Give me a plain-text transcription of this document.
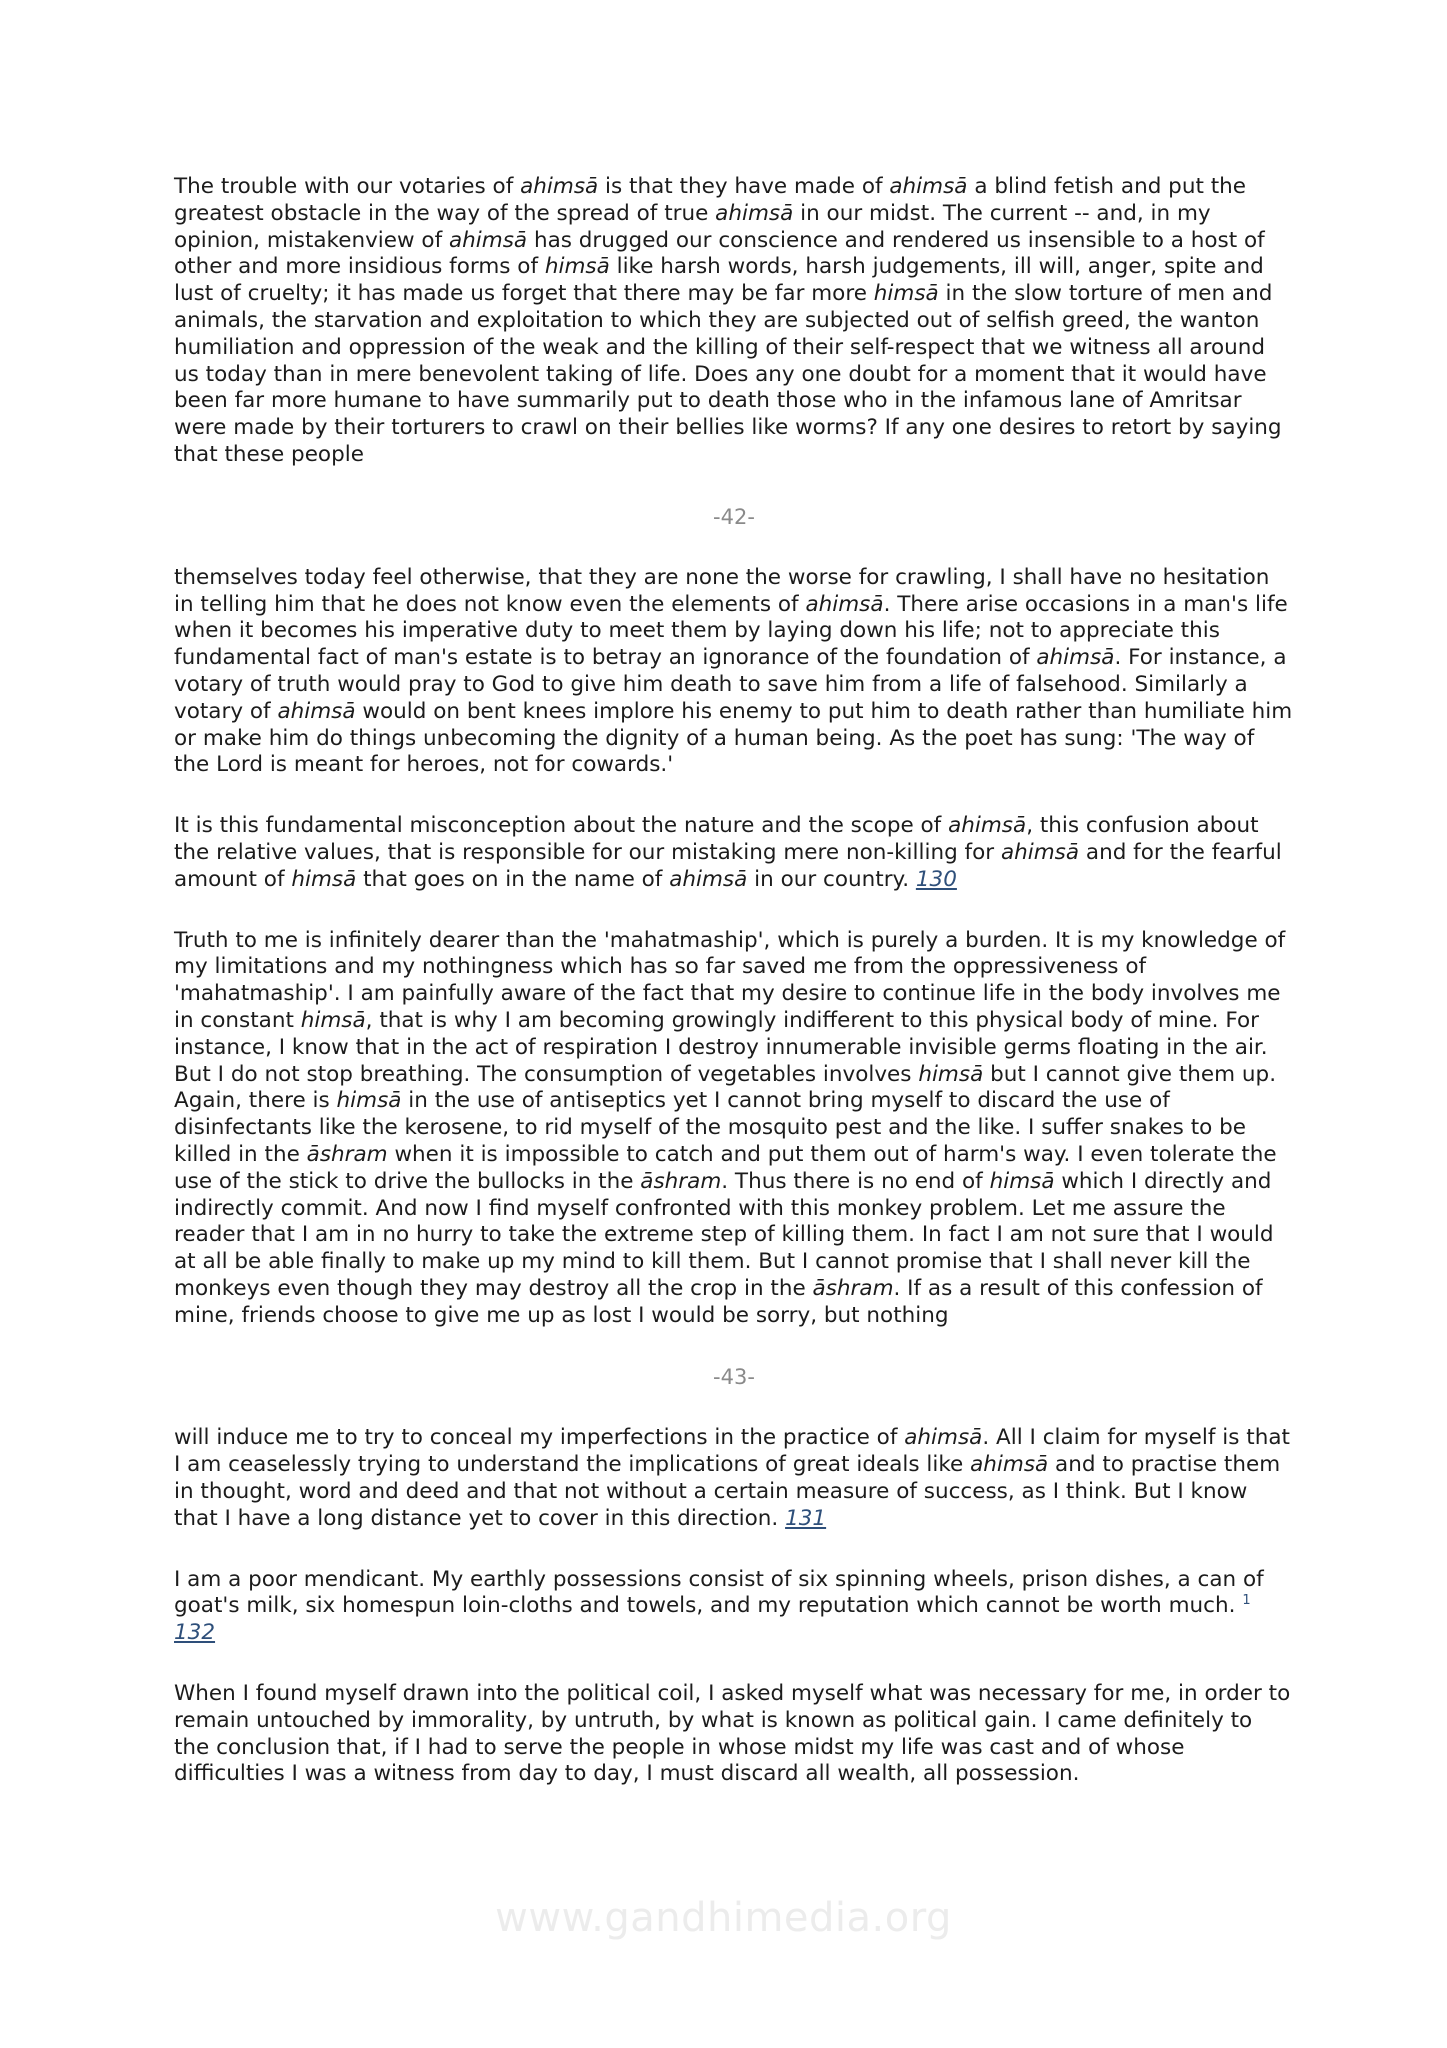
The trouble with our votaries of ahimsā is that they have made of ahimsā a blind fetish and put the greatest obstacle in the way of the spread of true ahimsā in our midst. The current -- and, in my opinion, mistakenview of ahimsā has drugged our conscience and rendered us insensible to a host of other and more insidious forms of himsā like harsh words, harsh judgements, ill will, anger, spite and lust of cruelty; it has made us forget that there may be far more himsā in the slow torture of men and animals, the starvation and exploitation to which they are subjected out of selfish greed, the wanton humiliation and oppression of the weak and the killing of their self-respect that we witness all around us today than in mere benevolent taking of life. Does any one doubt for a moment that it would have been far more humane to have summarily put to death those who in the infamous lane of Amritsar were made by their torturers to crawl on their bellies like worms? If any one desires to retort by saying that these people

-42-

themselves today feel otherwise, that they are none the worse for crawling, I shall have no hesitation in telling him that he does not know even the elements of ahimsā. There arise occasions in a man's life when it becomes his imperative duty to meet them by laying down his life; not to appreciate this fundamental fact of man's estate is to betray an ignorance of the foundation of ahimsā. For instance, a votary of truth would pray to God to give him death to save him from a life of falsehood. Similarly a votary of ahimsā would on bent knees implore his enemy to put him to death rather than humiliate him or make him do things unbecoming the dignity of a human being. As the poet has sung: 'The way of the Lord is meant for heroes, not for cowards.'

It is this fundamental misconception about the nature and the scope of ahimsā, this confusion about the relative values, that is responsible for our mistaking mere non-killing for ahimsā and for the fearful amount of himsā that goes on in the name of ahimsā in our country. 130

Truth to me is infinitely dearer than the 'mahatmaship', which is purely a burden. It is my knowledge of my limitations and my nothingness which has so far saved me from the oppressiveness of 'mahatmaship'. I am painfully aware of the fact that my desire to continue life in the body involves me in constant himsā, that is why I am becoming growingly indifferent to this physical body of mine. For instance, I know that in the act of respiration I destroy innumerable invisible germs floating in the air. But I do not stop breathing. The consumption of vegetables involves himsā but I cannot give them up. Again, there is himsā in the use of antiseptics yet I cannot bring myself to discard the use of disinfectants like the kerosene, to rid myself of the mosquito pest and the like. I suffer snakes to be killed in the āshram when it is impossible to catch and put them out of harm's way. I even tolerate the use of the stick to drive the bullocks in the āshram. Thus there is no end of himsā which I directly and indirectly commit. And now I find myself confronted with this monkey problem. Let me assure the reader that I am in no hurry to take the extreme step of killing them. In fact I am not sure that I would at all be able finally to make up my mind to kill them. But I cannot promise that I shall never kill the monkeys even though they may destroy all the crop in the āshram. If as a result of this confession of mine, friends choose to give me up as lost I would be sorry, but nothing

-43-

will induce me to try to conceal my imperfections in the practice of ahimsā. All I claim for myself is that I am ceaselessly trying to understand the implications of great ideals like ahimsā and to practise them in thought, word and deed and that not without a certain measure of success, as I think. But I know that I have a long distance yet to cover in this direction. 131

I am a poor mendicant. My earthly possessions consist of six spinning wheels, prison dishes, a can of goat's milk, six homespun loin-cloths and towels, and my reputation which cannot be worth much. $^1$ 132

When I found myself drawn into the political coil, I asked myself what was necessary for me, in order to remain untouched by immorality, by untruth, by what is known as political gain. I came definitely to the conclusion that, if I had to serve the people in whose midst my life was cast and of whose difficulties I was a witness from day to day, I must discard all wealth, all possession.

www.gandhimedia.org
